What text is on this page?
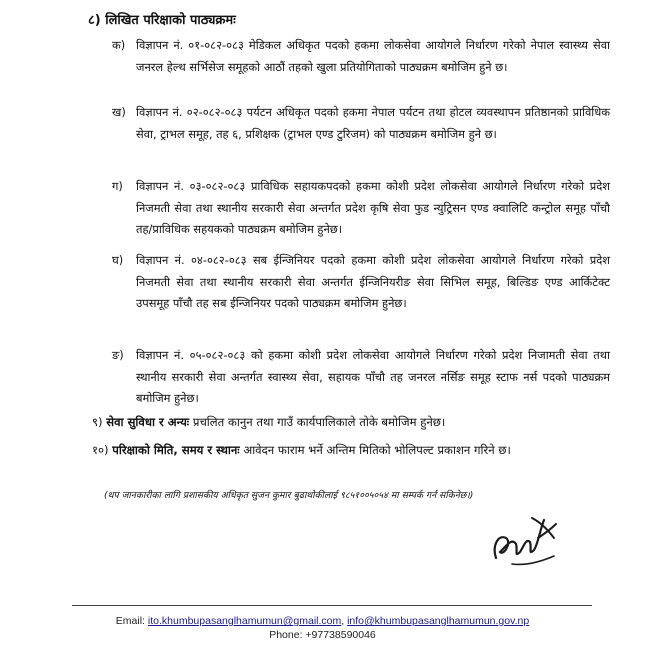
८) लिखित परिक्षाको पाठ्यक्रमः
क) विज्ञापन नं. ०१-०८२-०८३ मेडिकल अधिकृत पदको हकमा लोकसेवा आयोगले निर्धारण गरेको नेपाल स्वास्थ्य सेवा जनरल हेल्थ सर्भिसेज समूहको आठौं तहको खुला प्रतियोगिताको पाठ्यक्रम बमोजिम हुने छ।
ख) विज्ञापन नं. ०२-०८२-०८३ पर्यटन अधिकृत पदको हकमा नेपाल पर्यटन तथा होटल व्यवस्थापन प्रतिष्ठानको प्राविधिक सेवा, ट्राभल समूह, तह ६, प्रशिक्षक (ट्राभल एण्ड टुरिजम) को पाठ्यक्रम बमोजिम हुने छ।
ग)	विज्ञापन नं. ०३-०८२-०८३ प्राविधिक सहायकपदको हकमा कोशी प्रदेश लोकसेवा आयोगले निर्धारण गरेको प्रदेश निजमती सेवा तथा स्थानीय सरकारी सेवा अन्तर्गत प्रदेश कृषि सेवा फुड न्युट्रिसन एण्ड क्वालिटि कन्ट्रोल समूह पाँचौ तह/प्राविधिक सहयकको पाठ्यक्रम बमोजिम हुनेछ।
घ)	विज्ञापन नं. ०४-०८२-०८३ सब ईन्जिनियर पदको हकमा कोशी प्रदेश लोकसेवा आयोगले निर्धारण गरेको प्रदेश निजमती सेवा तथा स्थानीय सरकारी सेवा अन्तर्गत ईन्जिनियरीङ सेवा सिभिल समूह, बिल्डिङ एण्ड आर्किटेक्ट उपसमूह पाँचौ तह सब ईन्जिनियर पदको पाठ्यक्रम बमोजिम हुनेछ।
ङ)	विज्ञापन नं. ०५-०८२-०८३ को हकमा कोशी प्रदेश लोकसेवा आयोगले निर्धारण गरेको प्रदेश निजामती सेवा तथा स्थानीय सरकारी सेवा अन्तर्गत स्वास्थ्य सेवा, सहायक पाँचौ तह जनरल नर्सिङ समूह स्टाफ नर्स पदको पाठ्यक्रम बमोजिम हुनेछ।
९) सेवा सुविधा र अन्यः प्रचलित कानुन तथा गाउँ कार्यपालिकाले तोके बमोजिम हुनेछ।
१०) परिक्षाको मिति, समय र स्थानः आवेदन फाराम भर्ने अन्तिम मितिको भोलिपल्ट प्रकाशन गरिने छ।
(थप जानकारीका लागि प्रशासकीय अधिकृत सुजन कुमार बुढाथोकीलाई ९८५१००५०५४ मा सम्पर्क गर्न सकिनेछ।)
Email: ito.khumbupasanglhamumun@gmail.com, info@khumbupasanglhamumun.gov.np
Phone: +97738590046
